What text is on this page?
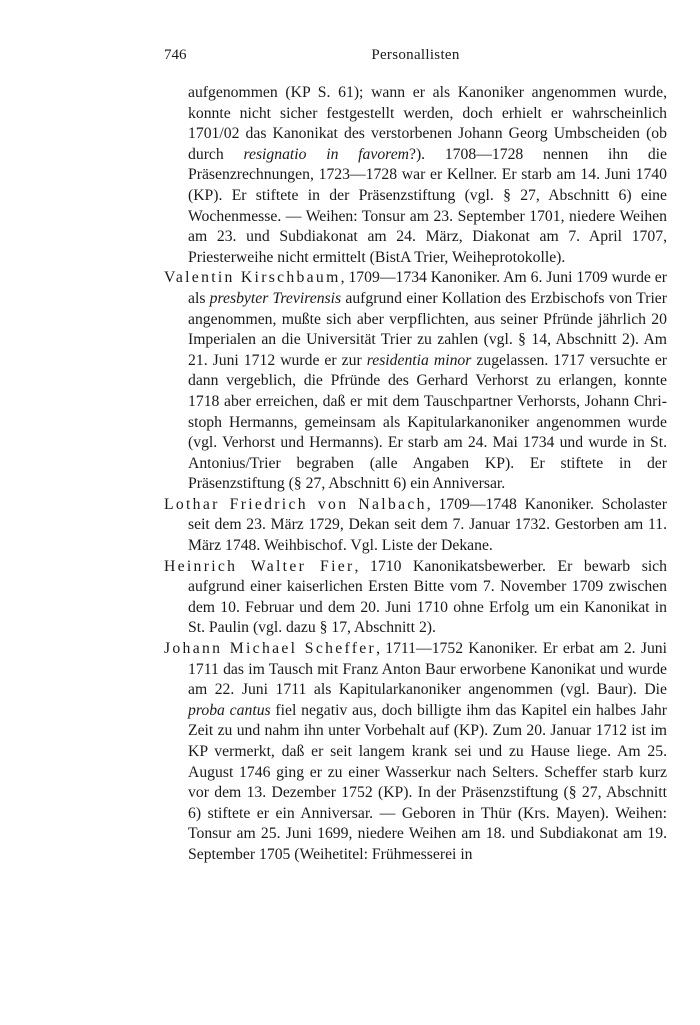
746	Personallisten

aufgenommen (KP S. 61); wann er als Kanoniker angenommen wurde, konnte nicht sicher festgestellt werden, doch erhielt er wahrscheinlich 1701/02 das Kanonikat des verstorbenen Johann Georg Umbscheiden (ob durch resignatio in favorem?). 1708—1728 nennen ihn die Präsenzrechnungen, 1723—1728 war er Kellner. Er starb am 14. Juni 1740 (KP). Er stiftete in der Präsenzstiftung (vgl. § 27, Abschnitt 6) eine Wochenmesse. — Weihen: Tonsur am 23. September 1701, niedere Weihen am 23. und Subdiakonat am 24. März, Diakonat am 7. April 1707, Priesterweihe nicht ermittelt (BistA Trier, Weiheprotokolle).

Valentin Kirschbaum, 1709—1734 Kanoniker. Am 6. Juni 1709 wurde er als presbyter Trevirensis aufgrund einer Kollation des Erzbischofs von Trier angenommen, mußte sich aber verpflichten, aus seiner Pfründe jährlich 20 Imperialen an die Universität Trier zu zahlen (vgl. § 14, Abschnitt 2). Am 21. Juni 1712 wurde er zur residentia minor zugelassen. 1717 versuchte er dann vergeblich, die Pfründe des Gerhard Verhorst zu erlangen, konnte 1718 aber erreichen, daß er mit dem Tauschpartner Verhorsts, Johann Christoph Hermanns, gemeinsam als Kapitularkanoniker angenommen wurde (vgl. Verhorst und Hermanns). Er starb am 24. Mai 1734 und wurde in St. Antonius/Trier begraben (alle Angaben KP). Er stiftete in der Präsenzstiftung (§ 27, Abschnitt 6) ein Anniversar.

Lothar Friedrich von Nalbach, 1709—1748 Kanoniker. Scholaster seit dem 23. März 1729, Dekan seit dem 7. Januar 1732. Gestorben am 11. März 1748. Weihbischof. Vgl. Liste der Dekane.

Heinrich Walter Fier, 1710 Kanonikatsbewerber. Er bewarb sich aufgrund einer kaiserlichen Ersten Bitte vom 7. November 1709 zwischen dem 10. Februar und dem 20. Juni 1710 ohne Erfolg um ein Kanonikat in St. Paulin (vgl. dazu § 17, Abschnitt 2).

Johann Michael Scheffer, 1711—1752 Kanoniker. Er erbat am 2. Juni 1711 das im Tausch mit Franz Anton Baur erworbene Kanonikat und wurde am 22. Juni 1711 als Kapitularkanoniker angenommen (vgl. Baur). Die proba cantus fiel negativ aus, doch billigte ihm das Kapitel ein halbes Jahr Zeit zu und nahm ihn unter Vorbehalt auf (KP). Zum 20. Januar 1712 ist im KP vermerkt, daß er seit langem krank sei und zu Hause liege. Am 25. August 1746 ging er zu einer Wasserkur nach Selters. Scheffer starb kurz vor dem 13. Dezember 1752 (KP). In der Präsenzstiftung (§ 27, Abschnitt 6) stiftete er ein Anniversar. — Geboren in Thür (Krs. Mayen). Weihen: Tonsur am 25. Juni 1699, niedere Weihen am 18. und Subdiakonat am 19. September 1705 (Weihetitel: Frühmesserei in
